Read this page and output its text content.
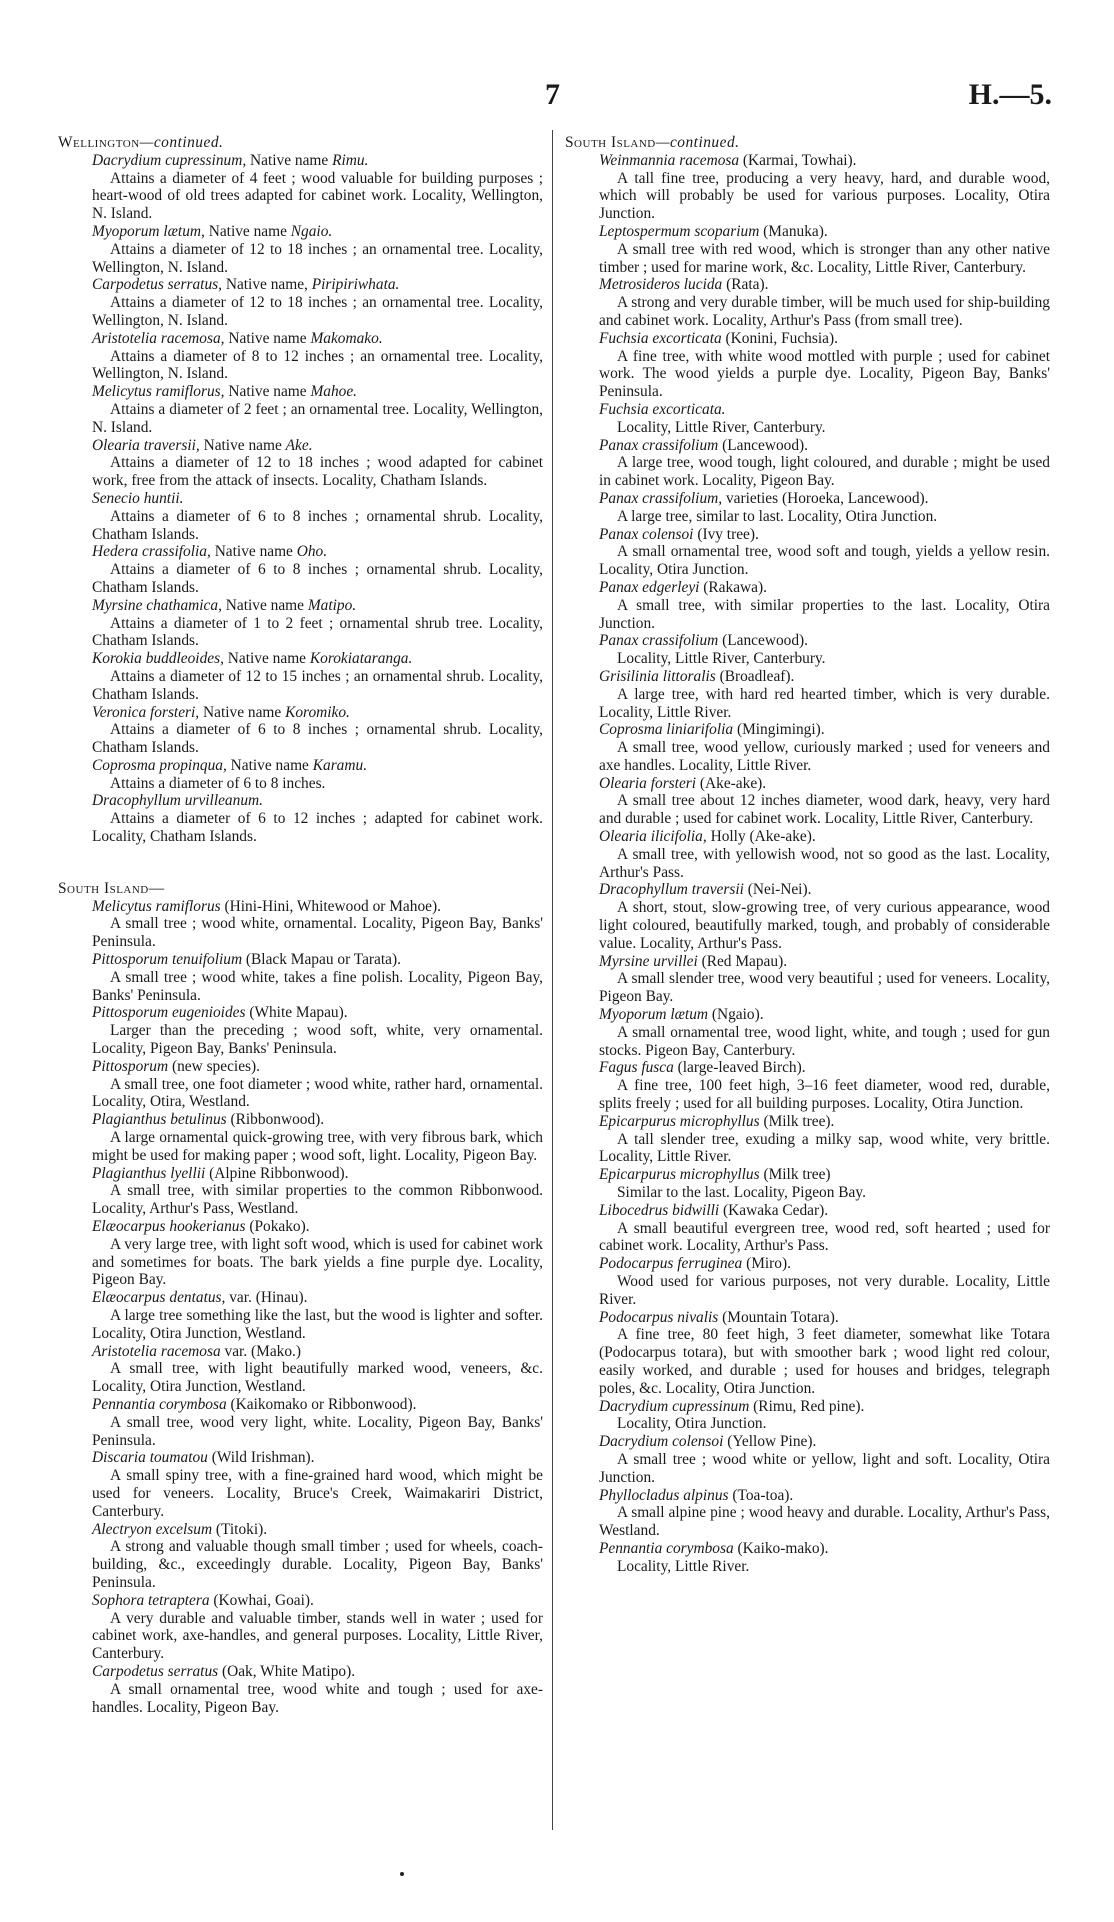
7	H.—5.

Wellington—continued.

Dacrydium cupressinum, Native name Rimu.

Attains a diameter of 4 feet ; wood valuable for building purposes ; heart-wood of old trees adapted for cabinet work. Locality, Wellington, N. Island.

Myoporum lætum, Native name Ngaio.

Attains a diameter of 12 to 18 inches ; an ornamental tree. Locality, Wellington, N. Island.

Carpodetus serratus, Native name, Piripiriwhata.

Attains a diameter of 12 to 18 inches ; an ornamental tree. Locality, Wellington, N. Island.

Aristotelia racemosa, Native name Makomako.

Attains a diameter of 8 to 12 inches ; an ornamental tree. Locality, Wellington, N. Island.

Melicytus ramiflorus, Native name Mahoe.

Attains a diameter of 2 feet ; an ornamental tree. Locality, Wellington, N. Island.

Olearia traversii, Native name Ake.

Attains a diameter of 12 to 18 inches ; wood adapted for cabinet work, free from the attack of insects. Locality, Chatham Islands.

Senecio huntii.

Attains a diameter of 6 to 8 inches ; ornamental shrub. Locality, Chatham Islands.

Hedera crassifolia, Native name Oho.

Attains a diameter of 6 to 8 inches ; ornamental shrub. Locality, Chatham Islands.

Myrsine chathamica, Native name Matipo.

Attains a diameter of 1 to 2 feet ; ornamental shrub tree. Locality, Chatham Islands.

Korokia buddleoides, Native name Korokiataranga.

Attains a diameter of 12 to 15 inches ; an ornamental shrub. Locality, Chatham Islands.

Veronica forsteri, Native name Koromiko.

Attains a diameter of 6 to 8 inches ; ornamental shrub. Locality, Chatham Islands.

Coprosma propinqua, Native name Karamu.

Attains a diameter of 6 to 8 inches.

Dracophyllum urvilleanum.

Attains a diameter of 6 to 12 inches ; adapted for cabinet work. Locality, Chatham Islands.

South Island—

Melicytus ramiflorus (Hini-Hini, Whitewood or Mahoe).

A small tree ; wood white, ornamental. Locality, Pigeon Bay, Banks' Peninsula.

Pittosporum tenuifolium (Black Mapau or Tarata).

A small tree ; wood white, takes a fine polish. Locality, Pigeon Bay, Banks' Peninsula.

Pittosporum eugenioides (White Mapau).

Larger than the preceding ; wood soft, white, very ornamental. Locality, Pigeon Bay, Banks' Peninsula.

Pittosporum (new species).

A small tree, one foot diameter ; wood white, rather hard, ornamental. Locality, Otira, Westland.

Plagianthus betulinus (Ribbonwood).

A large ornamental quick-growing tree, with very fibrous bark, which might be used for making paper ; wood soft, light. Locality, Pigeon Bay.

Plagianthus lyellii (Alpine Ribbonwood).

A small tree, with similar properties to the common Ribbonwood. Locality, Arthur's Pass, Westland.

Elæocarpus hookerianus (Pokako).

A very large tree, with light soft wood, which is used for cabinet work and sometimes for boats. The bark yields a fine purple dye. Locality, Pigeon Bay.

Elæocarpus dentatus, var. (Hinau).

A large tree something like the last, but the wood is lighter and softer. Locality, Otira Junction, Westland.

Aristotelia racemosa var. (Mako.)

A small tree, with light beautifully marked wood, veneers, &c. Locality, Otira Junction, Westland.

Pennantia corymbosa (Kaikomako or Ribbonwood).

A small tree, wood very light, white. Locality, Pigeon Bay, Banks' Peninsula.

Discaria toumatou (Wild Irishman).

A small spiny tree, with a fine-grained hard wood, which might be used for veneers. Locality, Bruce's Creek, Waimakariri District, Canterbury.

Alectryon excelsum (Titoki).

A strong and valuable though small timber ; used for wheels, coach-building, &c., exceedingly durable. Locality, Pigeon Bay, Banks' Peninsula.

Sophora tetraptera (Kowhai, Goai).

A very durable and valuable timber, stands well in water ; used for cabinet work, axe-handles, and general purposes. Locality, Little River, Canterbury.

Carpodetus serratus (Oak, White Matipo).

A small ornamental tree, wood white and tough ; used for axe-handles. Locality, Pigeon Bay.

South Island—continued.

Weinmannia racemosa (Karmai, Towhai).

A tall fine tree, producing a very heavy, hard, and durable wood, which will probably be used for various purposes. Locality, Otira Junction.

Leptospermum scoparium (Manuka).

A small tree with red wood, which is stronger than any other native timber ; used for marine work, &c. Locality, Little River, Canterbury.

Metrosideros lucida (Rata).

A strong and very durable timber, will be much used for ship-building and cabinet work. Locality, Arthur's Pass (from small tree).

Fuchsia excorticata (Konini, Fuchsia).

A fine tree, with white wood mottled with purple ; used for cabinet work. The wood yields a purple dye. Locality, Pigeon Bay, Banks' Peninsula.

Fuchsia excorticata.

Locality, Little River, Canterbury.

Panax crassifolium (Lancewood).

A large tree, wood tough, light coloured, and durable ; might be used in cabinet work. Locality, Pigeon Bay.

Panax crassifolium, varieties (Horoeka, Lancewood).

A large tree, similar to last. Locality, Otira Junction.

Panax colensoi (Ivy tree).

A small ornamental tree, wood soft and tough, yields a yellow resin. Locality, Otira Junction.

Panax edgerleyi (Rakawa).

A small tree, with similar properties to the last. Locality, Otira Junction.

Panax crassifolium (Lancewood).

Locality, Little River, Canterbury.

Grisilinia littoralis (Broadleaf).

A large tree, with hard red hearted timber, which is very durable. Locality, Little River.

Coprosma liniarifolia (Mingimingi).

A small tree, wood yellow, curiously marked ; used for veneers and axe handles. Locality, Little River.

Olearia forsteri (Ake-ake).

A small tree about 12 inches diameter, wood dark, heavy, very hard and durable ; used for cabinet work. Locality, Little River, Canterbury.

Olearia ilicifolia, Holly (Ake-ake).

A small tree, with yellowish wood, not so good as the last. Locality, Arthur's Pass.

Dracophyllum traversii (Nei-Nei).

A short, stout, slow-growing tree, of very curious appearance, wood light coloured, beautifully marked, tough, and probably of considerable value. Locality, Arthur's Pass.

Myrsine urvillei (Red Mapau).

A small slender tree, wood very beautiful ; used for veneers. Locality, Pigeon Bay.

Myoporum lætum (Ngaio).

A small ornamental tree, wood light, white, and tough ; used for gun stocks. Pigeon Bay, Canterbury.

Fagus fusca (large-leaved Birch).

A fine tree, 100 feet high, 3–16 feet diameter, wood red, durable, splits freely ; used for all building purposes. Locality, Otira Junction.

Epicarpurus microphyllus (Milk tree).

A tall slender tree, exuding a milky sap, wood white, very brittle. Locality, Little River.

Epicarpurus microphyllus (Milk tree)

Similar to the last. Locality, Pigeon Bay.

Libocedrus bidwilli (Kawaka Cedar).

A small beautiful evergreen tree, wood red, soft hearted ; used for cabinet work. Locality, Arthur's Pass.

Podocarpus ferruginea (Miro).

Wood used for various purposes, not very durable. Locality, Little River.

Podocarpus nivalis (Mountain Totara).

A fine tree, 80 feet high, 3 feet diameter, somewhat like Totara (Podocarpus totara), but with smoother bark ; wood light red colour, easily worked, and durable ; used for houses and bridges, telegraph poles, &c. Locality, Otira Junction.

Dacrydium cupressinum (Rimu, Red pine).

Locality, Otira Junction.

Dacrydium colensoi (Yellow Pine).

A small tree ; wood white or yellow, light and soft. Locality, Otira Junction.

Phyllocladus alpinus (Toa-toa).

A small alpine pine ; wood heavy and durable. Locality, Arthur's Pass, Westland.

Pennantia corymbosa (Kaiko-mako).

Locality, Little River.
